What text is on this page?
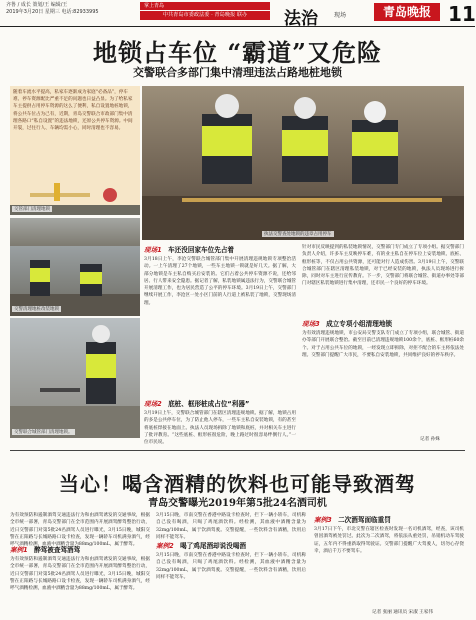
齐鲁 / 成长 策划/王 编辑/王
2019年3月20日 星期三 电话:82933995
掌上青岛
中共青岛市委政法委 · 青岛晚报 联办	法治	现场	青岛晚报 11
地锁占车位 “霸道”又危险
交警联合多部门集中清理违法占路地桩地锁
随着车流水平提高，私家车逐渐成为家庭“必备品”，停车难、停车资源配比严重不足的问题也日益凸显。为了给私家车主提供占用停车资源的这么了便利，私自设置地桩地锁，将公共车位占为己有，近期，青岛交警联合市政部门集中清理各路口“私自设置”的违法地锁，还原公共停车资源。中间开裂，过往行人、车辆均需小心，同时清理也不容易。
交管部门清理地锁
执法交警查处地锁的违章占用停车
交警清理地桩改装地锁
交警联合城管部门清理地锁。
现场1 车还没回家车位先占着
3月18日上午，李沧交警联合城管部门集中开展清理违规地锁专项整治活动。一上午清理了27个地锁，一些车主地锁一锁就是好几天。据了解，大部分地锁是车主私自购买后安装的。它们占着公共停车资源不说，还给邻居、行人带来安全隐患。据记者了解，私装地锁属违法行为，交警联合城管开展清理工作，也为居民营造了公平的停车环境。3月19日上午，交警部门继续开展工作，李沧区一处小区门前的人行道上被私装了地锁，交警现场清理。
现场2 底桩、框形桩成占位“利器”
3月19日上午，交警联合城管部门在辖区清理违规地锁。据了解，地锁占用的多是公共停车位，为了防止他人停车，一些车主私自安装地锁，有的甚至将底桩焊接在地面上。执法人员现场拆除了地锁和底桩，并对相关车主进行了批评教育。“这些底桩、框形桩很危险，晚上路过时很容易绊倒行人。”一位市民说。
针对市民反映提到的私装地锁情况，交警部门专门成立了专项小组。据交警部门负责人介绍，许多车主反映停车难，有的业主私自在停车位上安装地锁、底桩、框形桩等，不仅占用公共资源，还可能对行人造成伤害。3月19日上午，交警联合城管部门在辖区清理私装地锁，对于已经安装的地锁，执法人员现场进行拆除，同时对车主进行宣传教育。下一步，交警部门将联合城管、街道办事处等部门对辖区私装地锁进行集中清理，还市民一个良好的停车环境。
现场3 成立专项小组清理地锁
为有效清理违规地锁，市公安局交警支队专门成立了专项小组，联合城管、街道办等部门开展联合整治。截至目前已清理违规地锁100余个，底桩、框形桩60余个。对于占用公共车位的地锁，一经发现立即拆除，对拒不配合的车主将依法处理。交警部门提醒广大市民，不要私自安装地锁，共同维护良好的停车秩序。
记者 孙姝
当心！喝含酒精的饮料也可能导致酒驾
青岛交警曝光2019年第5批24名酒司机
为有效预防和遏制酒驾交通违法行为和由酒驾诱发的交通事故，根据全市统一部署，青岛交警部门在全市范围内开展酒驾醉驾整治行动，近日交警部门对第5批24名酒驾人员进行曝光，3月15日晚，城阳交警在正阳路与长城路路口设卡检查，发现一辆轿车司机满身酒气，经呼气酒精检测，血液中酒精含量为88mg/100mL，属于醉驾。
案例1 醉驾被查驾酒驾
为有效预防和遏制酒驾交通违法行为和由酒驾诱发的交通事故，根据全市统一部署，青岛交警部门在全市范围内开展酒驾醉驾整治行动，近日交警部门对第5批24名酒驾人员进行曝光，3月15日晚，城阳交警在正阳路与长城路路口设卡检查，发现一辆轿车司机满身酒气，经呼气酒精检测，血液中酒精含量为88mg/100mL，属于醉驾。
案例2 喝了鸡尾酒却说没喝酒
3月15日晚，市南交警在香港中路设卡检查时，拦下一辆小轿车，司机称自己没有喝酒，只喝了鸡尾酒饮料。经检测，其血液中酒精含量为32mg/100mL，属于饮酒驾驶。交警提醒，一些饮料含有酒精，饮用后同样不能驾车。
3月15日晚，市南交警在香港中路设卡检查时，拦下一辆小轿车，司机称自己没有喝酒，只喝了鸡尾酒饮料。经检测，其血液中酒精含量为32mg/100mL，属于饮酒驾驶。交警提醒，一些饮料含有酒精，饮用后同样不能驾车。
案例3 二次酒驾面临重罚
3月17日下午，市北交警在辖区检查时发现一名司机酒驾，经查，该司机曾因酒驾被处罚过。此次为二次酒驾，将依法从重处罚，吊销机动车驾驶证，五年内不得重新取得驾驶证。交警部门提醒广大驾驶人，切勿心存侥幸，酒后千万不要驾车。
记者 张丽 通讯员 宋淑 王家伟
